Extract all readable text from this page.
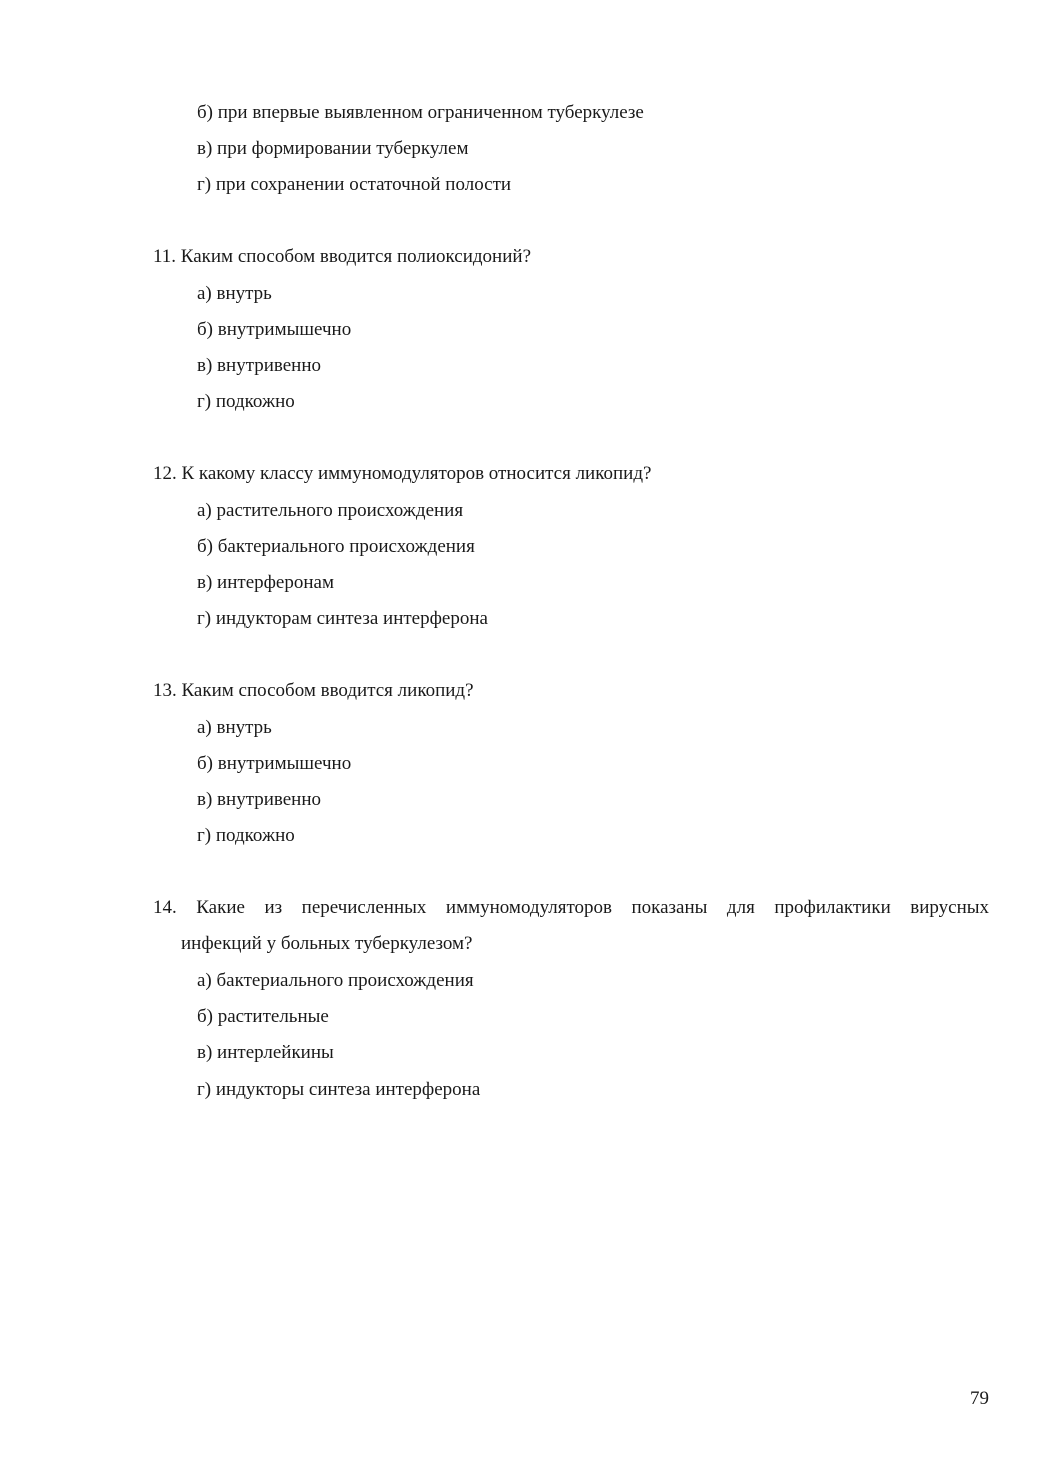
б) при впервые выявленном ограниченном туберкулезе
в) при формировании туберкулем
г) при сохранении остаточной полости
11. Каким способом вводится полиоксидоний?
а) внутрь
б) внутримышечно
в) внутривенно
г) подкожно
12. К какому классу иммуномодуляторов относится ликопид?
а) растительного происхождения
б) бактериального происхождения
в) интерферонам
г) индукторам синтеза интерферона
13. Каким способом вводится ликопид?
а) внутрь
б) внутримышечно
в) внутривенно
г) подкожно
14. Какие из перечисленных иммуномодуляторов показаны для профилактики вирусных
инфекций у больных туберкулезом?
а) бактериального происхождения
б) растительные
в) интерлейкины
г) индукторы синтеза интерферона
79
